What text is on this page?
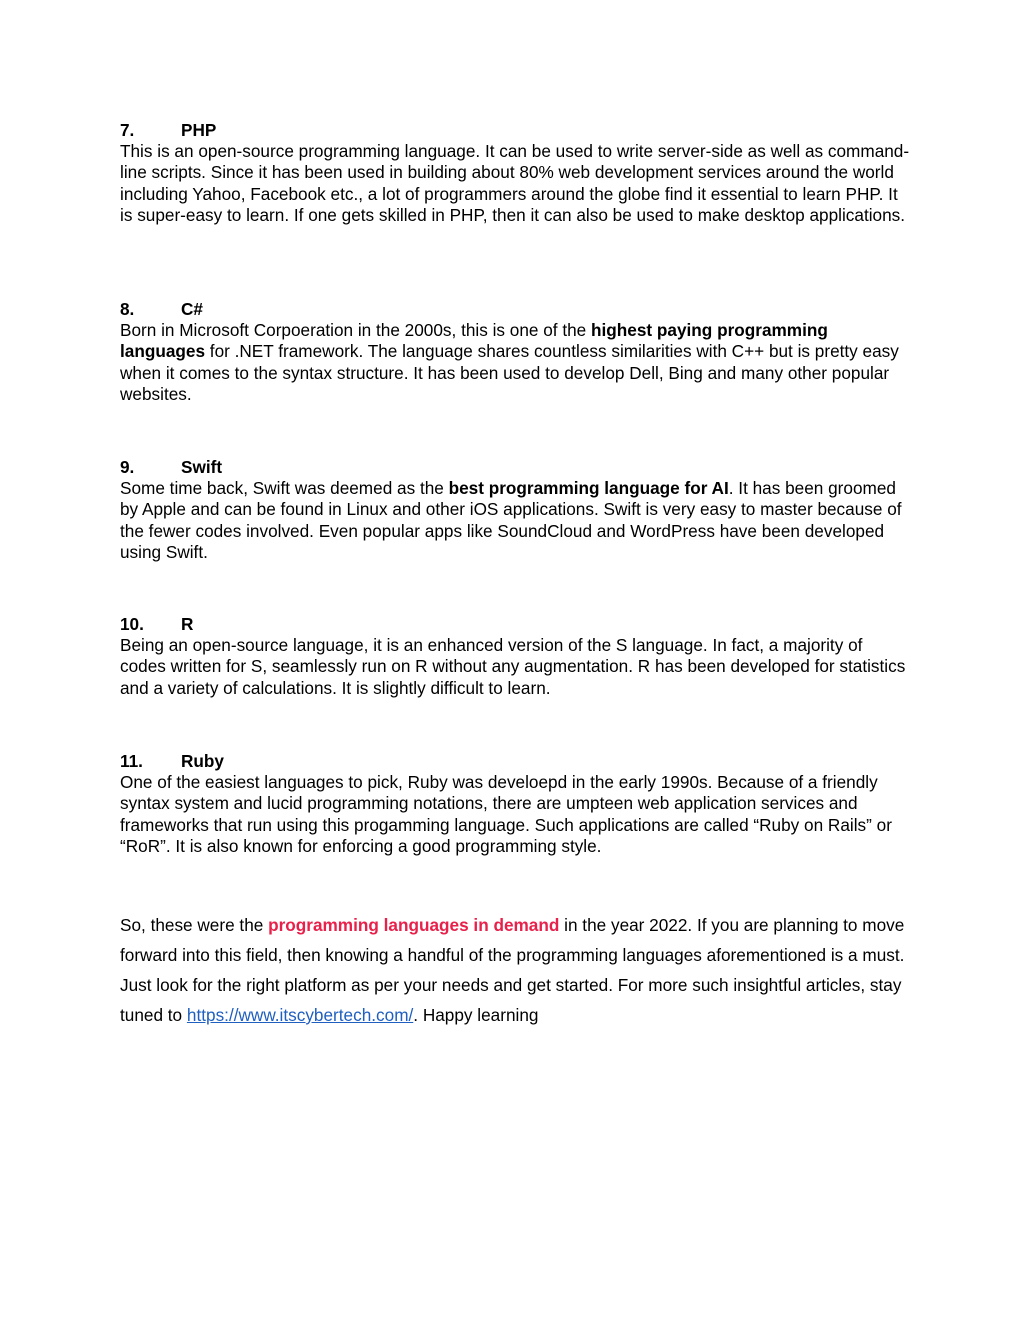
7.	PHP
This is an open-source programming language. It can be used to write server-side as well as command-line scripts. Since it has been used in building about 80% web development services around the world including Yahoo, Facebook etc., a lot of programmers around the globe find it essential to learn PHP. It is super-easy to learn. If one gets skilled in PHP, then it can also be used to make desktop applications.
8.	C#
Born in Microsoft Corpoeration in the 2000s, this is one of the highest paying programming languages for .NET framework. The language shares countless similarities with C++ but is pretty easy when it comes to the syntax structure. It has been used to develop Dell, Bing and many other popular websites.
9.	Swift
Some time back, Swift was deemed as the best programming language for AI. It has been groomed by Apple and can be found in Linux and other iOS applications. Swift is very easy to master because of the fewer codes involved. Even popular apps like SoundCloud and WordPress have been developed using Swift.
10. R
Being an open-source language, it is an enhanced version of the S language. In fact, a majority of codes written for S, seamlessly run on R without any augmentation. R has been developed for statistics and a variety of calculations. It is slightly difficult to learn.
11. Ruby
One of the easiest languages to pick, Ruby was develoepd in the early 1990s. Because of a friendly syntax system and lucid programming notations, there are umpteen web application services and frameworks that run using this progamming language. Such applications are called “Ruby on Rails” or “RoR”. It is also known for enforcing a good programming style.
So, these were the programming languages in demand in the year 2022. If you are planning to move forward into this field, then knowing a handful of the programming languages aforementioned is a must. Just look for the right platform as per your needs and get started. For more such insightful articles, stay tuned to https://www.itscybertech.com/. Happy learning
